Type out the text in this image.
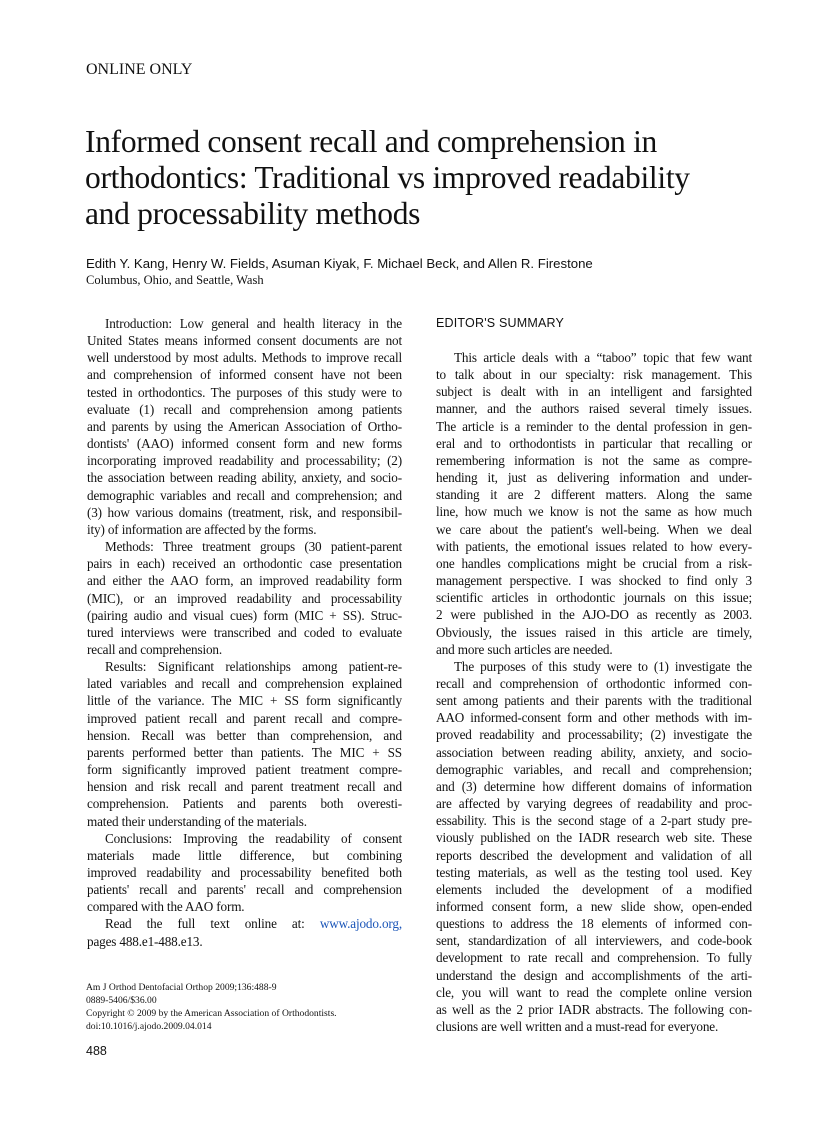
ONLINE ONLY
Informed consent recall and comprehension in
orthodontics: Traditional vs improved readability
and processability methods
Edith Y. Kang, Henry W. Fields, Asuman Kiyak, F. Michael Beck, and Allen R. Firestone
Columbus, Ohio, and Seattle, Wash
Introduction: Low general and health literacy in the
United States means informed consent documents are not
well understood by most adults. Methods to improve recall
and comprehension of informed consent have not been
tested in orthodontics. The purposes of this study were to
evaluate (1) recall and comprehension among patients
and parents by using the American Association of Ortho-
dontists' (AAO) informed consent form and new forms
incorporating improved readability and processability; (2)
the association between reading ability, anxiety, and socio-
demographic variables and recall and comprehension; and
(3) how various domains (treatment, risk, and responsibil-
ity) of information are affected by the forms.
Methods: Three treatment groups (30 patient-parent
pairs in each) received an orthodontic case presentation
and either the AAO form, an improved readability form
(MIC), or an improved readability and processability
(pairing audio and visual cues) form (MIC + SS). Struc-
tured interviews were transcribed and coded to evaluate
recall and comprehension.
Results: Significant relationships among patient-re-
lated variables and recall and comprehension explained
little of the variance. The MIC + SS form significantly
improved patient recall and parent recall and compre-
hension. Recall was better than comprehension, and
parents performed better than patients. The MIC + SS
form significantly improved patient treatment compre-
hension and risk recall and parent treatment recall and
comprehension. Patients and parents both overesti-
mated their understanding of the materials.
Conclusions: Improving the readability of consent
materials made little difference, but combining
improved readability and processability benefited both
patients' recall and parents' recall and comprehension
compared with the AAO form.
Read the full text online at: www.ajodo.org,
pages 488.e1-488.e13.
EDITOR'S SUMMARY
This article deals with a “taboo” topic that few want
to talk about in our specialty: risk management. This
subject is dealt with in an intelligent and farsighted
manner, and the authors raised several timely issues.
The article is a reminder to the dental profession in gen-
eral and to orthodontists in particular that recalling or
remembering information is not the same as compre-
hending it, just as delivering information and under-
standing it are 2 different matters. Along the same
line, how much we know is not the same as how much
we care about the patient's well-being. When we deal
with patients, the emotional issues related to how every-
one handles complications might be crucial from a risk-
management perspective. I was shocked to find only 3
scientific articles in orthodontic journals on this issue;
2 were published in the AJO-DO as recently as 2003.
Obviously, the issues raised in this article are timely,
and more such articles are needed.
The purposes of this study were to (1) investigate the
recall and comprehension of orthodontic informed con-
sent among patients and their parents with the traditional
AAO informed-consent form and other methods with im-
proved readability and processability; (2) investigate the
association between reading ability, anxiety, and socio-
demographic variables, and recall and comprehension;
and (3) determine how different domains of information
are affected by varying degrees of readability and proc-
essability. This is the second stage of a 2-part study pre-
viously published on the IADR research web site. These
reports described the development and validation of all
testing materials, as well as the testing tool used. Key
elements included the development of a modified
informed consent form, a new slide show, open-ended
questions to address the 18 elements of informed con-
sent, standardization of all interviewers, and code-book
development to rate recall and comprehension. To fully
understand the design and accomplishments of the arti-
cle, you will want to read the complete online version
as well as the 2 prior IADR abstracts. The following con-
clusions are well written and a must-read for everyone.
Am J Orthod Dentofacial Orthop 2009;136:488-9
0889-5406/$36.00
Copyright © 2009 by the American Association of Orthodontists.
doi:10.1016/j.ajodo.2009.04.014
488
